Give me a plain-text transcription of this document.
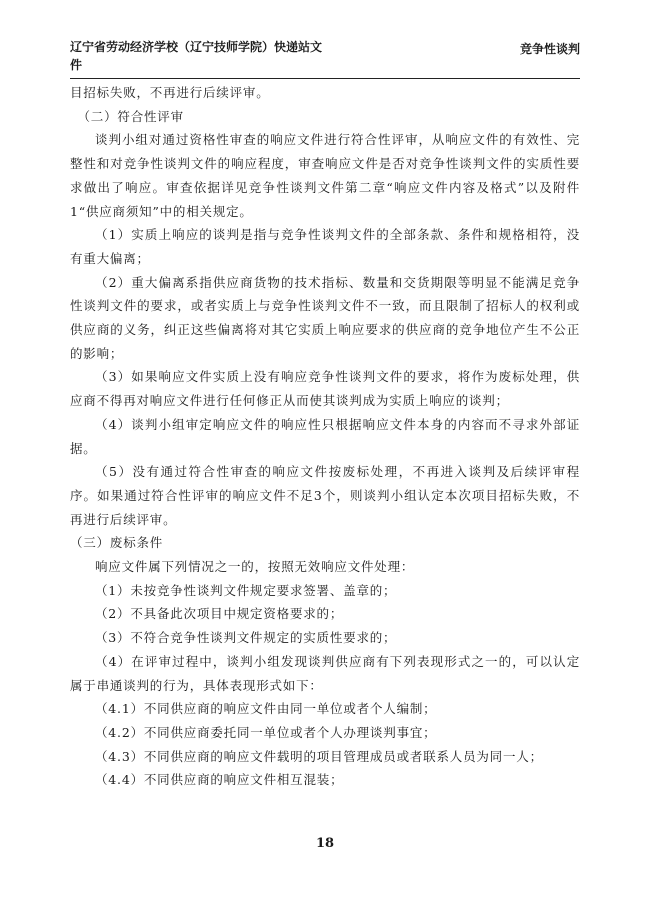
辽宁省劳动经济学校（辽宁技师学院）快递站文件
竞争性谈判

目招标失败，不再进行后续评审。

（二）符合性评审

谈判小组对通过资格性审查的响应文件进行符合性评审，从响应文件的有效性、完整性和对竞争性谈判文件的响应程度，审查响应文件是否对竞争性谈判文件的实质性要求做出了响应。审查依据详见竞争性谈判文件第二章“响应文件内容及格式”以及附件1“供应商须知”中的相关规定。

（1）实质上响应的谈判是指与竞争性谈判文件的全部条款、条件和规格相符，没有重大偏离；

（2）重大偏离系指供应商货物的技术指标、数量和交货期限等明显不能满足竞争性谈判文件的要求，或者实质上与竞争性谈判文件不一致，而且限制了招标人的权利或供应商的义务，纠正这些偏离将对其它实质上响应要求的供应商的竞争地位产生不公正的影响；

（3）如果响应文件实质上没有响应竞争性谈判文件的要求，将作为废标处理，供应商不得再对响应文件进行任何修正从而使其谈判成为实质上响应的谈判；

（4）谈判小组审定响应文件的响应性只根据响应文件本身的内容而不寻求外部证据。

（5）没有通过符合性审查的响应文件按废标处理，不再进入谈判及后续评审程序。如果通过符合性评审的响应文件不足3个，则谈判小组认定本次项目招标失败，不再进行后续评审。

（三）废标条件

响应文件属下列情况之一的，按照无效响应文件处理：

（1）未按竞争性谈判文件规定要求签署、盖章的；

（2）不具备此次项目中规定资格要求的；

（3）不符合竞争性谈判文件规定的实质性要求的；

（4）在评审过程中，谈判小组发现谈判供应商有下列表现形式之一的，可以认定属于串通谈判的行为，具体表现形式如下：

（4.1）不同供应商的响应文件由同一单位或者个人编制；

（4.2）不同供应商委托同一单位或者个人办理谈判事宜；

（4.3）不同供应商的响应文件载明的项目管理成员或者联系人员为同一人；

（4.4）不同供应商的响应文件相互混装；

18
